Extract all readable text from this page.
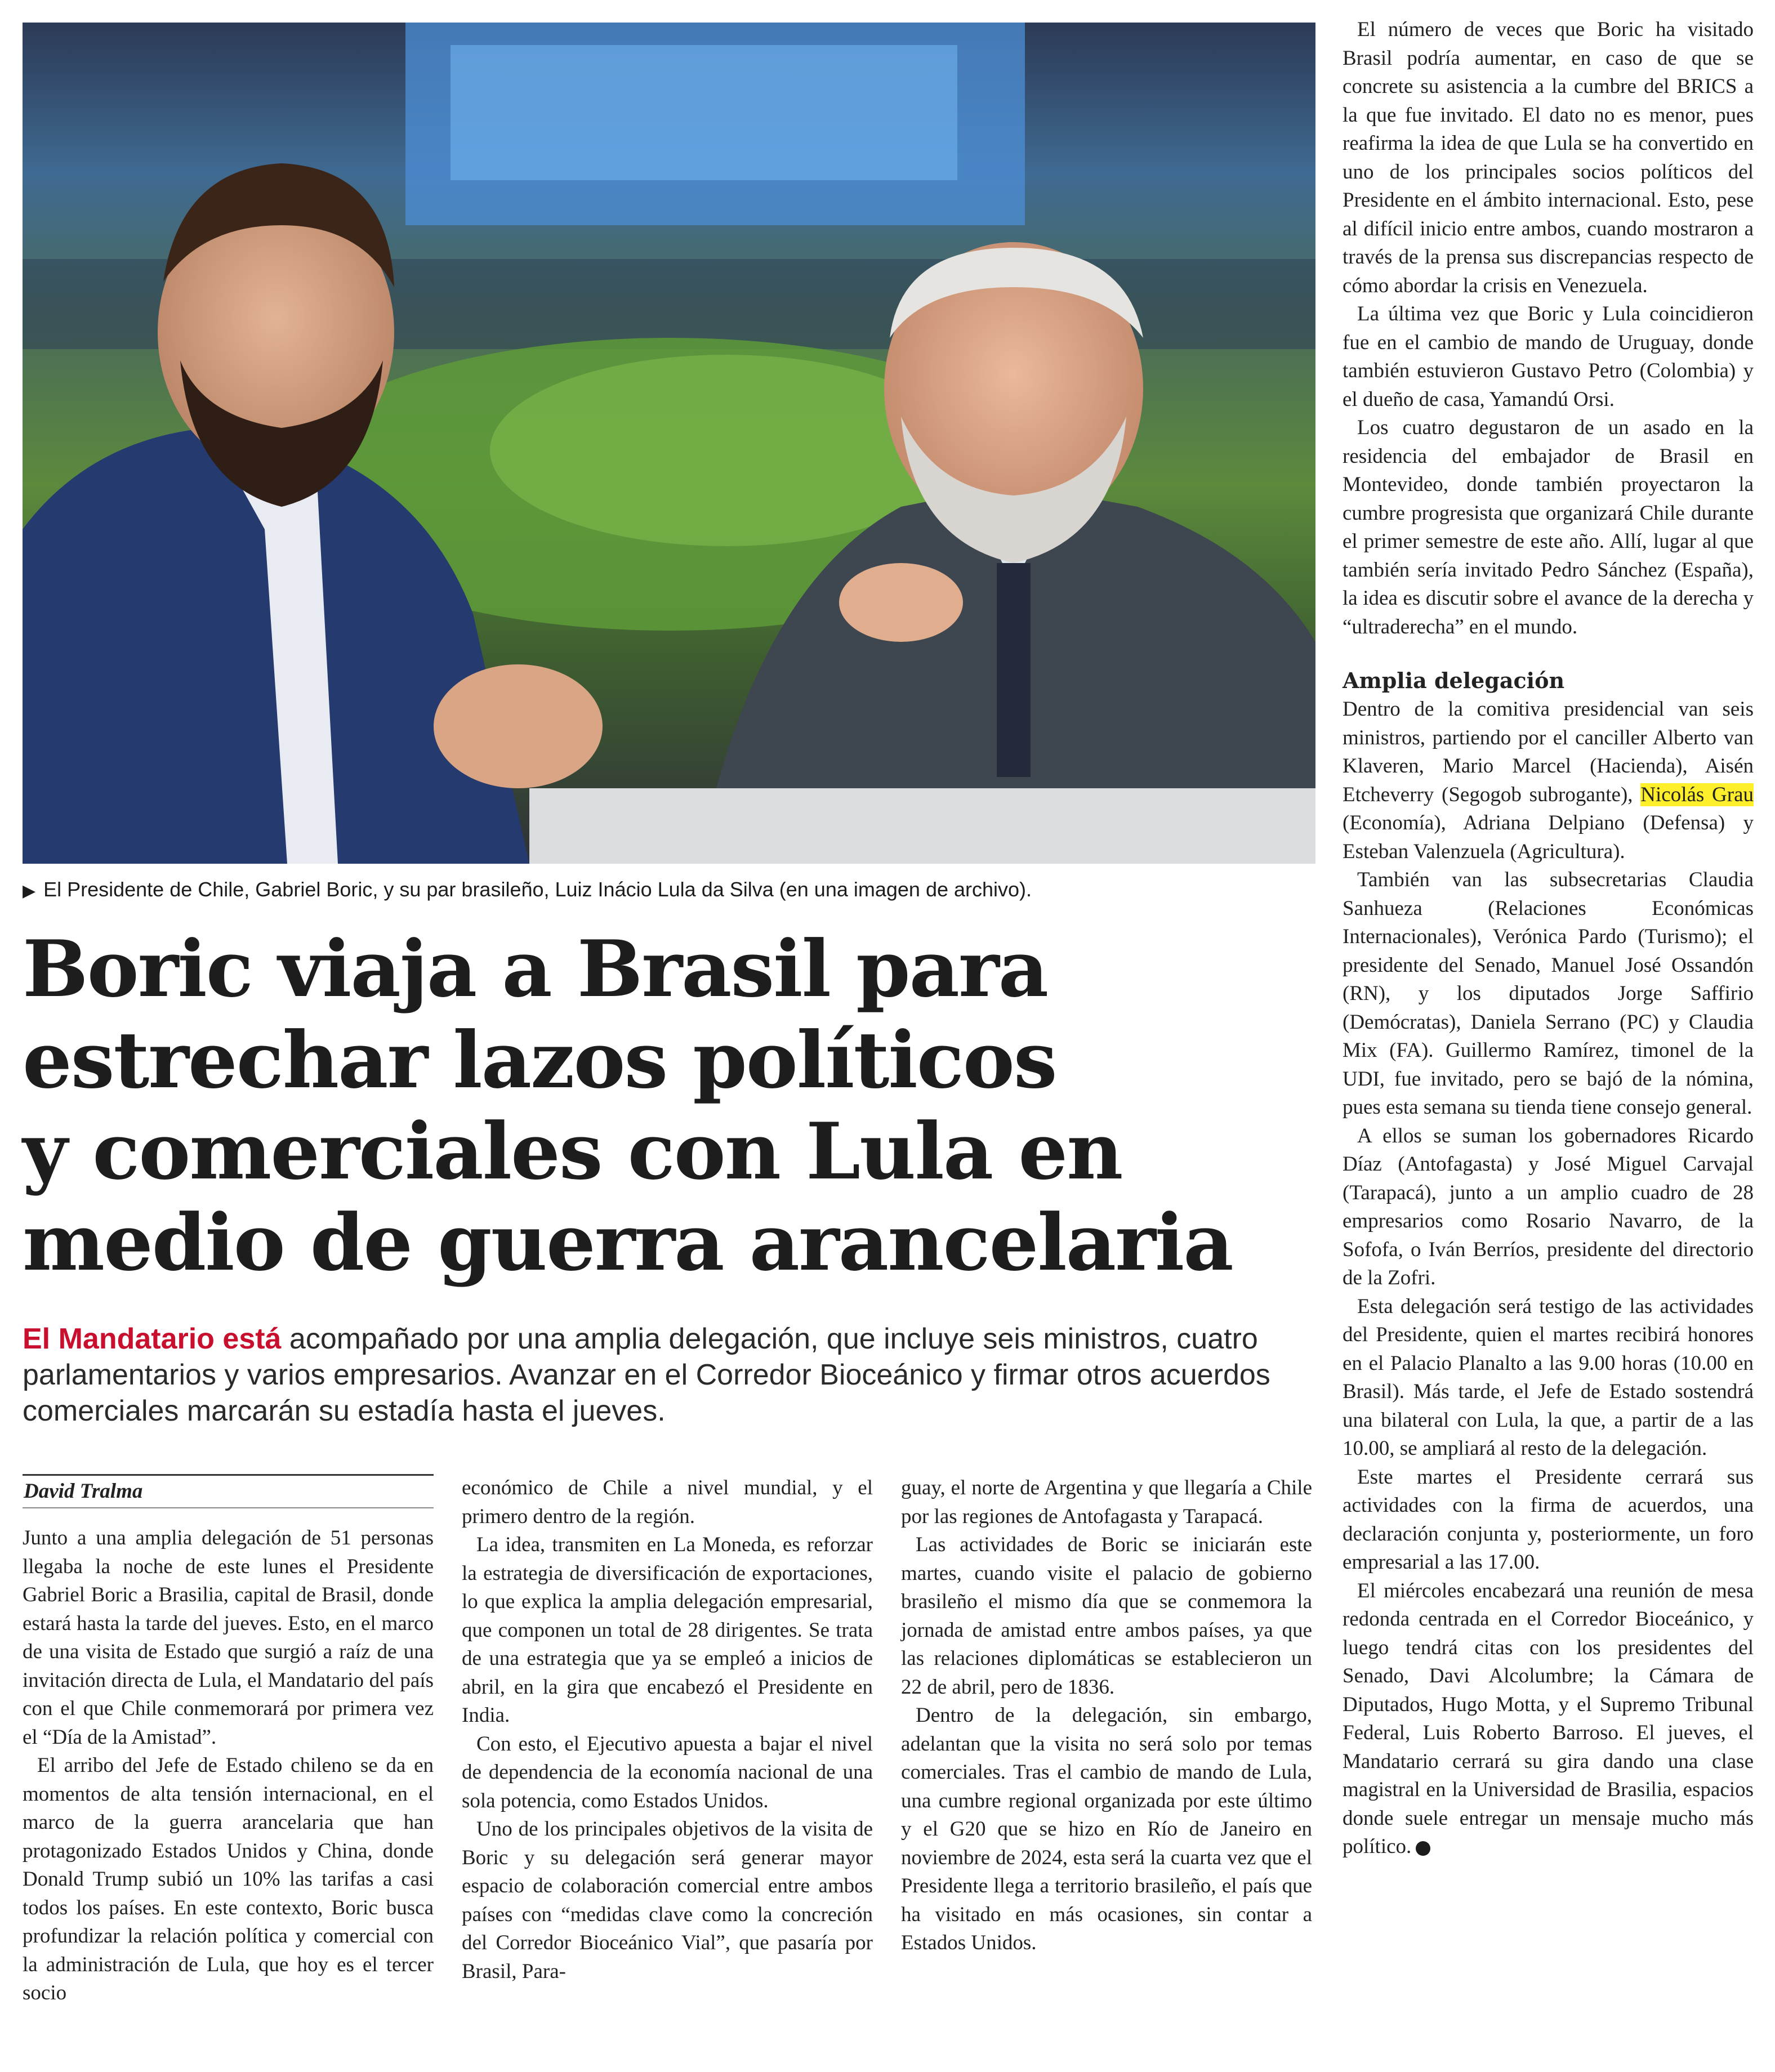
▶ El Presidente de Chile, Gabriel Boric, y su par brasileño, Luiz Inácio Lula da Silva (en una imagen de archivo).
Boric viaja a Brasil para
estrechar lazos políticos
y comerciales con Lula en
medio de guerra arancelaria
El Mandatario está acompañado por una amplia delegación, que incluye seis ministros, cuatro parlamentarios y varios empresarios. Avanzar en el Corredor Bioceánico y firmar otros acuerdos comerciales marcarán su estadía hasta el jueves.
David Tralma

Junto a una amplia delegación de 51 personas llegaba la noche de este lunes el Presidente Gabriel Boric a Brasilia, capital de Brasil, donde estará hasta la tarde del jueves. Esto, en el marco de una visita de Estado que surgió a raíz de una invitación directa de Lula, el Mandatario del país con el que Chile conmemorará por primera vez el “Día de la Amistad”.

El arribo del Jefe de Estado chileno se da en momentos de alta tensión internacional, en el marco de la guerra arancelaria que han protagonizado Estados Unidos y China, donde Donald Trump subió un 10% las tarifas a casi todos los países. En este contexto, Boric busca profundizar la relación política y comercial con la administración de Lula, que hoy es el tercer socio

económico de Chile a nivel mundial, y el primero dentro de la región.

La idea, transmiten en La Moneda, es reforzar la estrategia de diversificación de exportaciones, lo que explica la amplia delegación empresarial, que componen un total de 28 dirigentes. Se trata de una estrategia que ya se empleó a inicios de abril, en la gira que encabezó el Presidente en India.

Con esto, el Ejecutivo apuesta a bajar el nivel de dependencia de la economía nacional de una sola potencia, como Estados Unidos.

Uno de los principales objetivos de la visita de Boric y su delegación será generar mayor espacio de colaboración comercial entre ambos países con “medidas clave como la concreción del Corredor Bioceánico Vial”, que pasaría por Brasil, Para-

guay, el norte de Argentina y que llegaría a Chile por las regiones de Antofagasta y Tarapacá.

Las actividades de Boric se iniciarán este martes, cuando visite el palacio de gobierno brasileño el mismo día que se conmemora la jornada de amistad entre ambos países, ya que las relaciones diplomáticas se establecieron un 22 de abril, pero de 1836.

Dentro de la delegación, sin embargo, adelantan que la visita no será solo por temas comerciales. Tras el cambio de mando de Lula, una cumbre regional organizada por este último y el G20 que se hizo en Río de Janeiro en noviembre de 2024, esta será la cuarta vez que el Presidente llega a territorio brasileño, el país que ha visitado en más ocasiones, sin contar a Estados Unidos.

El número de veces que Boric ha visitado Brasil podría aumentar, en caso de que se concrete su asistencia a la cumbre del BRICS a la que fue invitado. El dato no es menor, pues reafirma la idea de que Lula se ha convertido en uno de los principales socios políticos del Presidente en el ámbito internacional. Esto, pese al difícil inicio entre ambos, cuando mostraron a través de la prensa sus discrepancias respecto de cómo abordar la crisis en Venezuela.

La última vez que Boric y Lula coincidieron fue en el cambio de mando de Uruguay, donde también estuvieron Gustavo Petro (Colombia) y el dueño de casa, Yamandú Orsi.

Los cuatro degustaron de un asado en la residencia del embajador de Brasil en Montevideo, donde también proyectaron la cumbre progresista que organizará Chile durante el primer semestre de este año. Allí, lugar al que también sería invitado Pedro Sánchez (España), la idea es discutir sobre el avance de la derecha y “ultraderecha” en el mundo.

Amplia delegación

Dentro de la comitiva presidencial van seis ministros, partiendo por el canciller Alberto van Klaveren, Mario Marcel (Hacienda), Aisén Etcheverry (Segogob subrogante), Nicolás Grau (Economía), Adriana Delpiano (Defensa) y Esteban Valenzuela (Agricultura).

También van las subsecretarias Claudia Sanhueza (Relaciones Económicas Internacionales), Verónica Pardo (Turismo); el presidente del Senado, Manuel José Ossandón (RN), y los diputados Jorge Saffirio (Demócratas), Daniela Serrano (PC) y Claudia Mix (FA). Guillermo Ramírez, timonel de la UDI, fue invitado, pero se bajó de la nómina, pues esta semana su tienda tiene consejo general.

A ellos se suman los gobernadores Ricardo Díaz (Antofagasta) y José Miguel Carvajal (Tarapacá), junto a un amplio cuadro de 28 empresarios como Rosario Navarro, de la Sofofa, o Iván Berríos, presidente del directorio de la Zofri.

Esta delegación será testigo de las actividades del Presidente, quien el martes recibirá honores en el Palacio Planalto a las 9.00 horas (10.00 en Brasil). Más tarde, el Jefe de Estado sostendrá una bilateral con Lula, la que, a partir de a las 10.00, se ampliará al resto de la delegación.

Este martes el Presidente cerrará sus actividades con la firma de acuerdos, una declaración conjunta y, posteriormente, un foro empresarial a las 17.00.

El miércoles encabezará una reunión de mesa redonda centrada en el Corredor Bioceánico, y luego tendrá citas con los presidentes del Senado, Davi Alcolumbre; la Cámara de Diputados, Hugo Motta, y el Supremo Tribunal Federal, Luis Roberto Barroso. El jueves, el Mandatario cerrará su gira dando una clase magistral en la Universidad de Brasilia, espacios donde suele entregar un mensaje mucho más político.
